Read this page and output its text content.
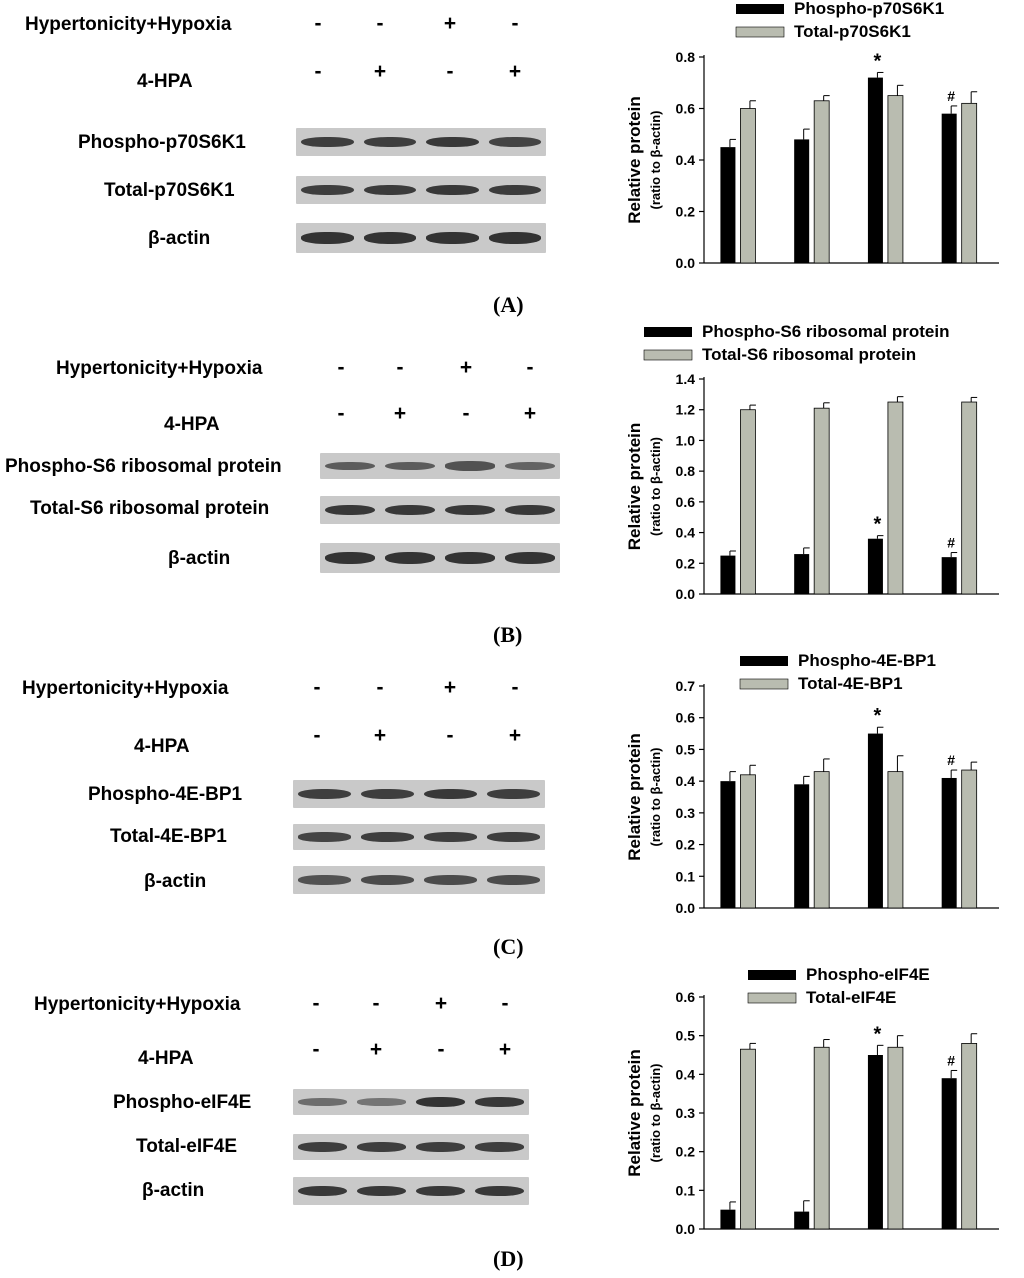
Hypertonicity+Hypoxia	-	-	+	-
4-HPA	-	+	-	+
Phospho-p70S6K1
Total-p70S6K1
β-actin
(A)
Hypertonicity+Hypoxia	-	-	+	-
4-HPA	-	+	-	+
Phospho-S6 ribosomal protein
Total-S6 ribosomal protein
β-actin
(B)
Hypertonicity+Hypoxia	-	-	+	-
4-HPA	-	+	-	+
Phospho-4E-BP1
Total-4E-BP1
β-actin
(C)
Hypertonicity+Hypoxia	-	-	+	-
4-HPA	-	+	-	+
Phospho-eIF4E
Total-eIF4E
β-actin
(D)
0.0
0.2
0.4
0.6
0.8
Relative protein (ratio to β-actin)
*
#
Phospho-p70S6K1
Total-p70S6K1
0.0
0.2
0.4
0.6
0.8
1.0
1.2
1.4
Relative protein (ratio to β-actin)	*
#
Phospho-S6 ribosomal protein
Total-S6 ribosomal protein
0.0
0.1
0.2
0.3
0.4
0.5
0.6
0.7
Relative protein (ratio to β-actin)
*
#
Phospho-4E-BP1
Total-4E-BP1
0.0
0.1
0.2
0.3
0.4
0.5
0.6
Relative protein (ratio to β-actin)
*
#
Phospho-eIF4E
Total-eIF4E
